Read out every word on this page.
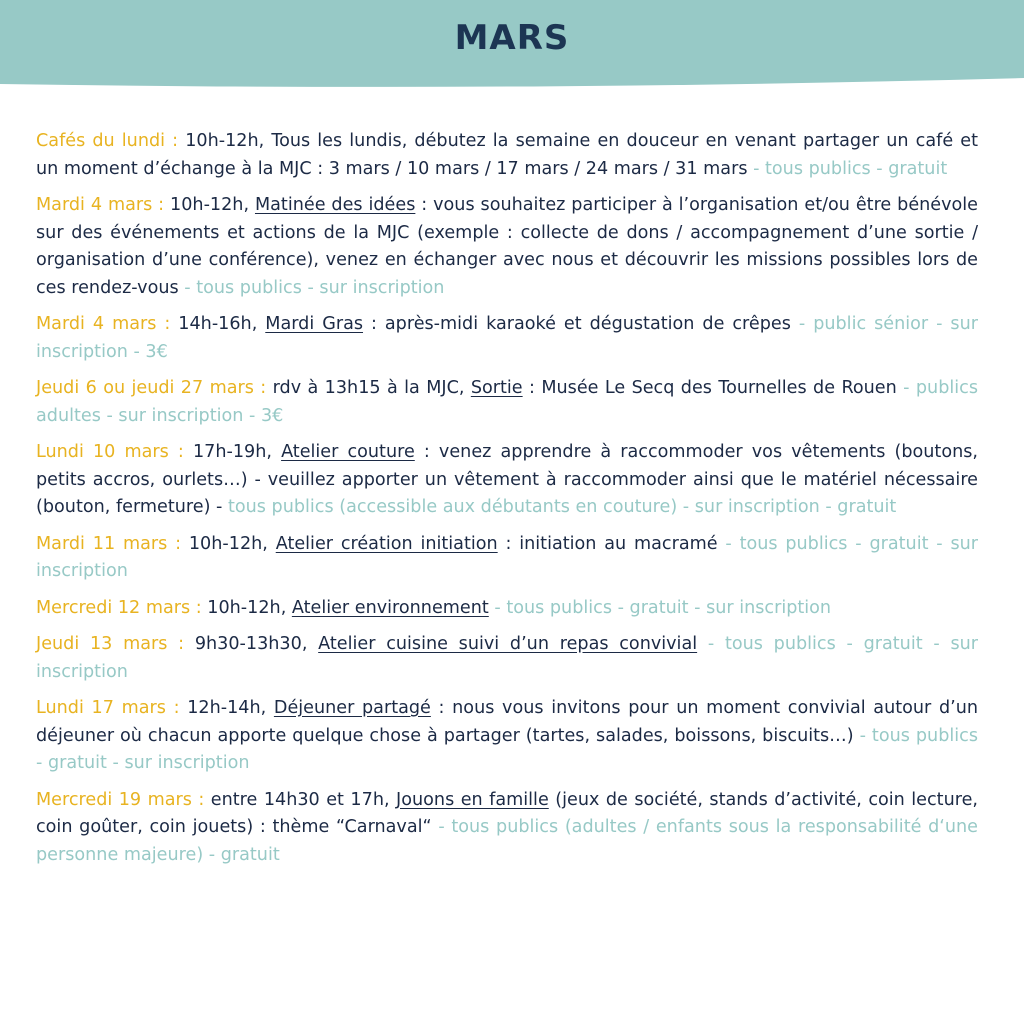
MARS

Cafés du lundi : 10h-12h, Tous les lundis, débutez la semaine en douceur en venant partager un café et un moment d’échange à la MJC : 3 mars / 10 mars / 17 mars / 24 mars / 31 mars - tous publics - gratuit

Mardi 4 mars : 10h-12h, Matinée des idées : vous souhaitez participer à l’organisation et/ou être bénévole sur des événements et actions de la MJC (exemple : collecte de dons / accompagnement d’une sortie / organisation d’une conférence), venez en échanger avec nous et découvrir les missions possibles lors de ces rendez-vous - tous publics - sur inscription

Mardi 4 mars : 14h-16h, Mardi Gras : après-midi karaoké et dégustation de crêpes - public sénior - sur inscription - 3€

Jeudi 6 ou jeudi 27 mars : rdv à 13h15 à la MJC, Sortie : Musée Le Secq des Tournelles de Rouen - publics adultes - sur inscription - 3€

Lundi 10 mars : 17h-19h, Atelier couture : venez apprendre à raccommoder vos vêtements (boutons, petits accros, ourlets…) - veuillez apporter un vêtement à raccommoder ainsi que le matériel nécessaire (bouton, fermeture) - tous publics (accessible aux débutants en couture) - sur inscription - gratuit

Mardi 11 mars : 10h-12h, Atelier création initiation : initiation au macramé - tous publics - gratuit - sur inscription

Mercredi 12 mars : 10h-12h, Atelier environnement - tous publics - gratuit - sur inscription

Jeudi 13 mars : 9h30-13h30, Atelier cuisine suivi d’un repas convivial - tous publics - gratuit - sur inscription

Lundi 17 mars : 12h-14h, Déjeuner partagé : nous vous invitons pour un moment convivial autour d’un déjeuner où chacun apporte quelque chose à partager (tartes, salades, boissons, biscuits…) - tous publics - gratuit - sur inscription

Mercredi 19 mars : entre 14h30 et 17h, Jouons en famille (jeux de société, stands d’activité, coin lecture, coin goûter, coin jouets) : thème “Carnaval“ - tous publics (adultes / enfants sous la responsabilité d‘une personne majeure) - gratuit
